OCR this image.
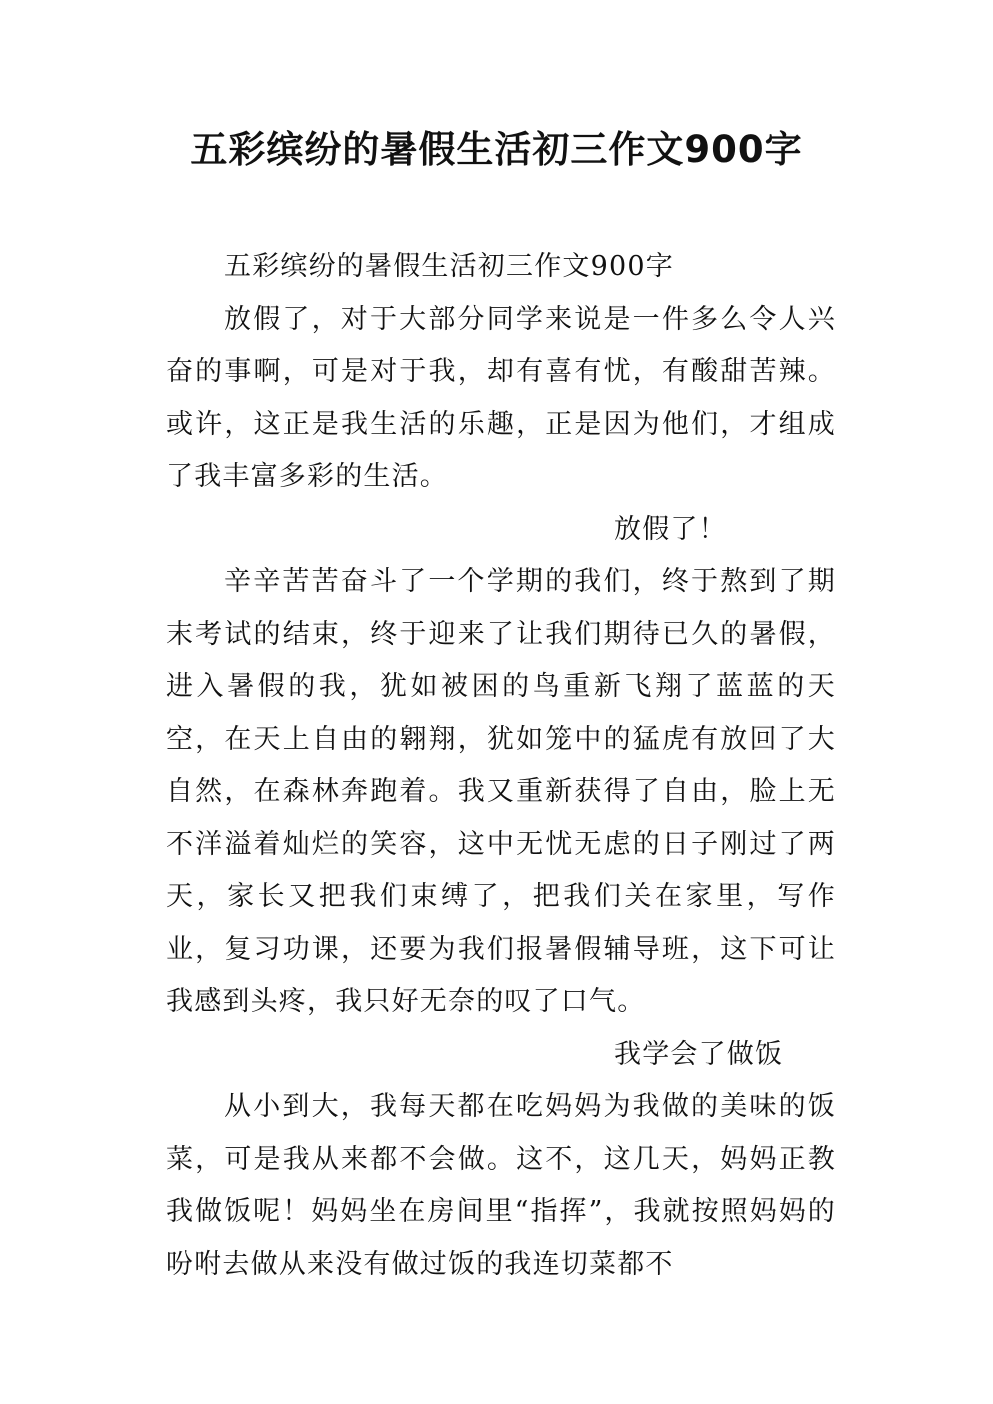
五彩缤纷的暑假生活初三作文900字

五彩缤纷的暑假生活初三作文900字

放假了，对于大部分同学来说是一件多么令人兴奋的事啊，可是对于我，却有喜有忧，有酸甜苦辣。或许，这正是我生活的乐趣，正是因为他们，才组成了我丰富多彩的生活。

放假了！

辛辛苦苦奋斗了一个学期的我们，终于熬到了期末考试的结束，终于迎来了让我们期待已久的暑假，进入暑假的我，犹如被困的鸟重新飞翔了蓝蓝的天空，在天上自由的翱翔，犹如笼中的猛虎有放回了大自然，在森林奔跑着。我又重新获得了自由，脸上无不洋溢着灿烂的笑容，这中无忧无虑的日子刚过了两天，家长又把我们束缚了，把我们关在家里，写作业，复习功课，还要为我们报暑假辅导班，这下可让我感到头疼，我只好无奈的叹了口气。

我学会了做饭

从小到大，我每天都在吃妈妈为我做的美味的饭菜，可是我从来都不会做。这不，这几天，妈妈正教我做饭呢！妈妈坐在房间里“指挥”，我就按照妈妈的吩咐去做从来没有做过饭的我连切菜都不
